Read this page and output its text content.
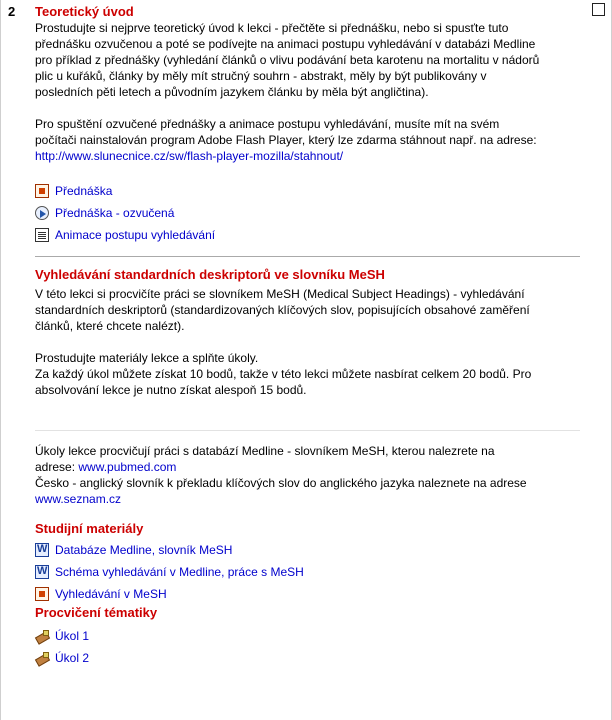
2 Teoretický úvod

Prostudujte si nejprve teoretický úvod k lekci - přečtěte si přednášku, nebo si spusťte tuto

přednášku ozvučenou a poté se podívejte na animaci postupu vyhledávání v databázi Medline

pro příklad z přednášky (vyhledání článků o vlivu podávání beta karotenu na mortalitu v nádorů

plic u kuřáků, články by měly mít stručný souhrn - abstrakt, měly by být publikovány v

posledních pěti letech a původním jazykem článku by měla být angličtina).

Pro spuštění ozvučené přednášky a animace postupu vyhledávání, musíte mít na svém

počítači nainstalován program Adobe Flash Player, který lze zdarma stáhnout např. na adrese:

http://www.slunecnice.cz/sw/flash-player-mozilla/stahnout/

Přednáška
Přednáška - ozvučená
Animace postupu vyhledávání
Vyhledávání standardních deskriptorů ve slovníku MeSH

V této lekci si procvičíte práci se slovníkem MeSH (Medical Subject Headings) - vyhledávání

standardních deskriptorů (standardizovaných klíčových slov, popisujících obsahové zaměření

článků, které chcete nalézt).

Prostudujte materiály lekce a splňte úkoly.

Za každý úkol můžete získat 10 bodů, takže v této lekci můžete nasbírat celkem 20 bodů. Pro

absolvování lekce je nutno získat alespoň 15 bodů.

Úkoly lekce procvičují práci s databází Medline - slovníkem MeSH, kterou nalezrete na

adrese: www.pubmed.com

Česko - anglický slovník k překladu klíčových slov do anglického jazyka naleznete na adrese

www.seznam.cz

Studijní materiály
W
Databáze Medline, slovník MeSH
W
Schéma vyhledávání v Medline, práce s MeSH
Vyhledávání v MeSH
Procvičení tématiky
Úkol 1
Úkol 2
